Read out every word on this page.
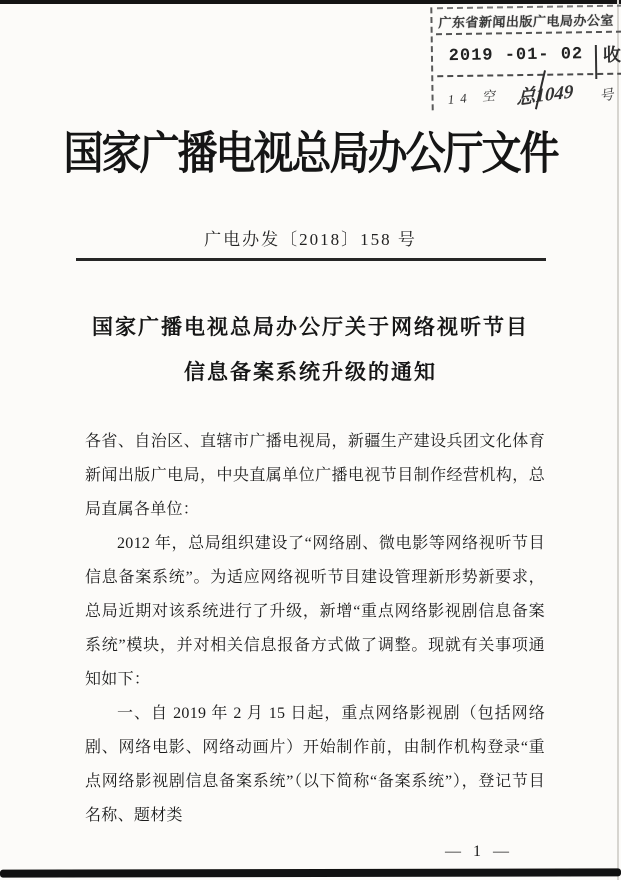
广东省新闻出版广电局办公室
2019 -01- 02 收
14 空 总1049 号
国家广播电视总局办公厅文件
广电办发〔2018〕158 号
国家广播电视总局办公厅关于网络视听节目
信息备案系统升级的通知

各省、自治区、直辖市广播电视局，新疆生产建设兵团文化体育新闻出版广电局，中央直属单位广播电视节目制作经营机构，总局直属各单位：

2012 年，总局组织建设了“网络剧、微电影等网络视听节目信息备案系统”。为适应网络视听节目建设管理新形势新要求，总局近期对该系统进行了升级，新增“重点网络影视剧信息备案系统”模块，并对相关信息报备方式做了调整。现就有关事项通知如下：

一、自 2019 年 2 月 15 日起，重点网络影视剧（包括网络剧、网络电影、网络动画片）开始制作前，由制作机构登录“重点网络影视剧信息备案系统”（以下简称“备案系统”），登记节目名称、题材类

— 1 —
